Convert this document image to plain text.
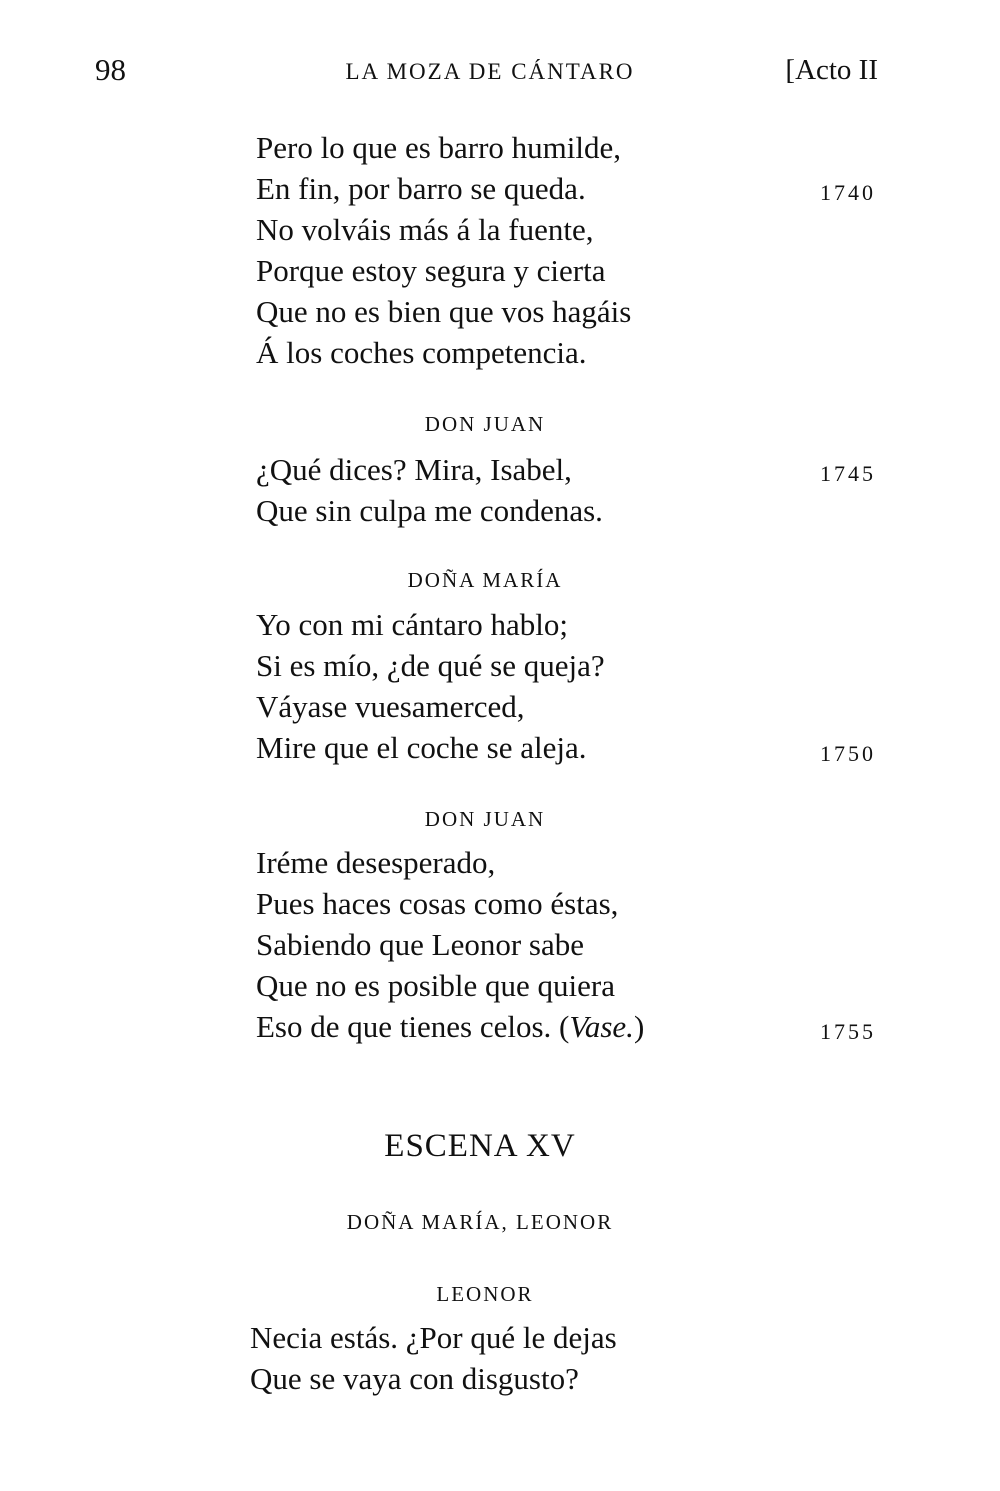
98	LA MOZA DE CÁNTARO	[Acto II
Pero lo que es barro humilde,
En fin, por barro se queda.	1740
No volváis más á la fuente,
Porque estoy segura y cierta
Que no es bien que vos hagáis
Á los coches competencia.
DON JUAN
¿Qué dices? Mira, Isabel,	1745
Que sin culpa me condenas.
DOÑA MARÍA
Yo con mi cántaro hablo;
Si es mío, ¿de qué se queja?
Váyase vuesamerced,
Mire que el coche se aleja.	1750
DON JUAN
Iréme desesperado,
Pues haces cosas como éstas,
Sabiendo que Leonor sabe
Que no es posible que quiera
Eso de que tienes celos. (Vase.)	1755
ESCENA XV
DOÑA MARÍA, LEONOR
LEONOR
Necia estás. ¿Por qué le dejas
Que se vaya con disgusto?
